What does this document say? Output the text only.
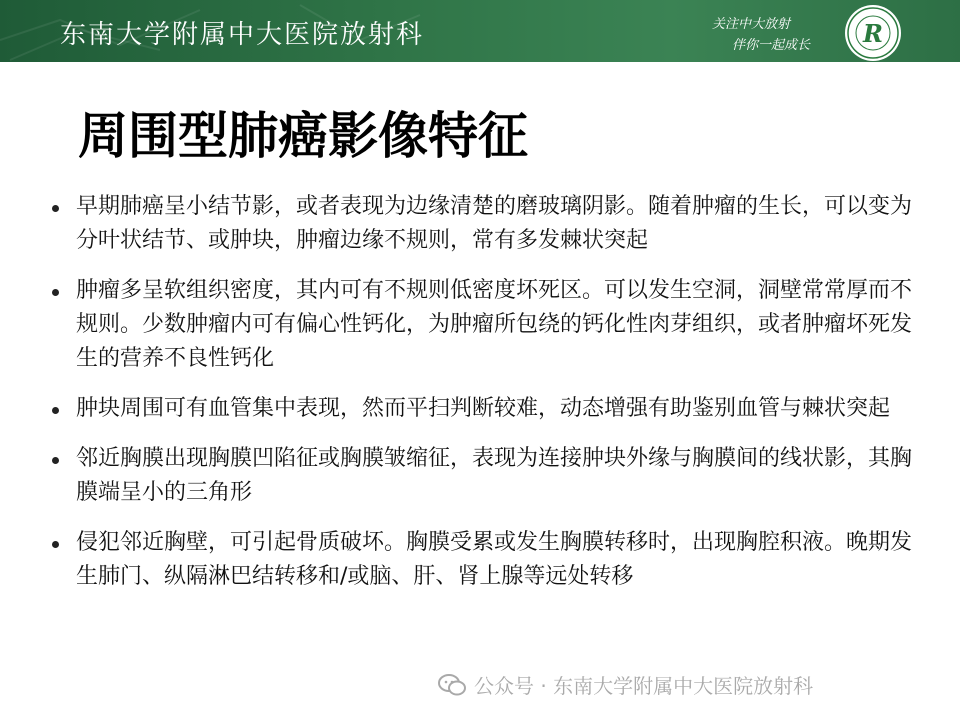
东南大学附属中大医院放射科	关注中大放射
伴你一起成长	R
周围型肺癌影像特征
早期肺癌呈小结节影，或者表现为边缘清楚的磨玻璃阴影。随着肿瘤的生长，可以变为分叶状结节、或肿块，肿瘤边缘不规则，常有多发棘状突起
肿瘤多呈软组织密度，其内可有不规则低密度坏死区。可以发生空洞，洞壁常常厚而不规则。少数肿瘤内可有偏心性钙化，为肿瘤所包绕的钙化性肉芽组织，或者肿瘤坏死发生的营养不良性钙化
肿块周围可有血管集中表现，然而平扫判断较难，动态增强有助鉴别血管与棘状突起
邻近胸膜出现胸膜凹陷征或胸膜皱缩征，表现为连接肿块外缘与胸膜间的线状影，其胸膜端呈小的三角形
侵犯邻近胸壁，可引起骨质破坏。胸膜受累或发生胸膜转移时，出现胸腔积液。晚期发生肺门、纵隔淋巴结转移和/或脑、肝、肾上腺等远处转移
公众号 · 东南大学附属中大医院放射科
